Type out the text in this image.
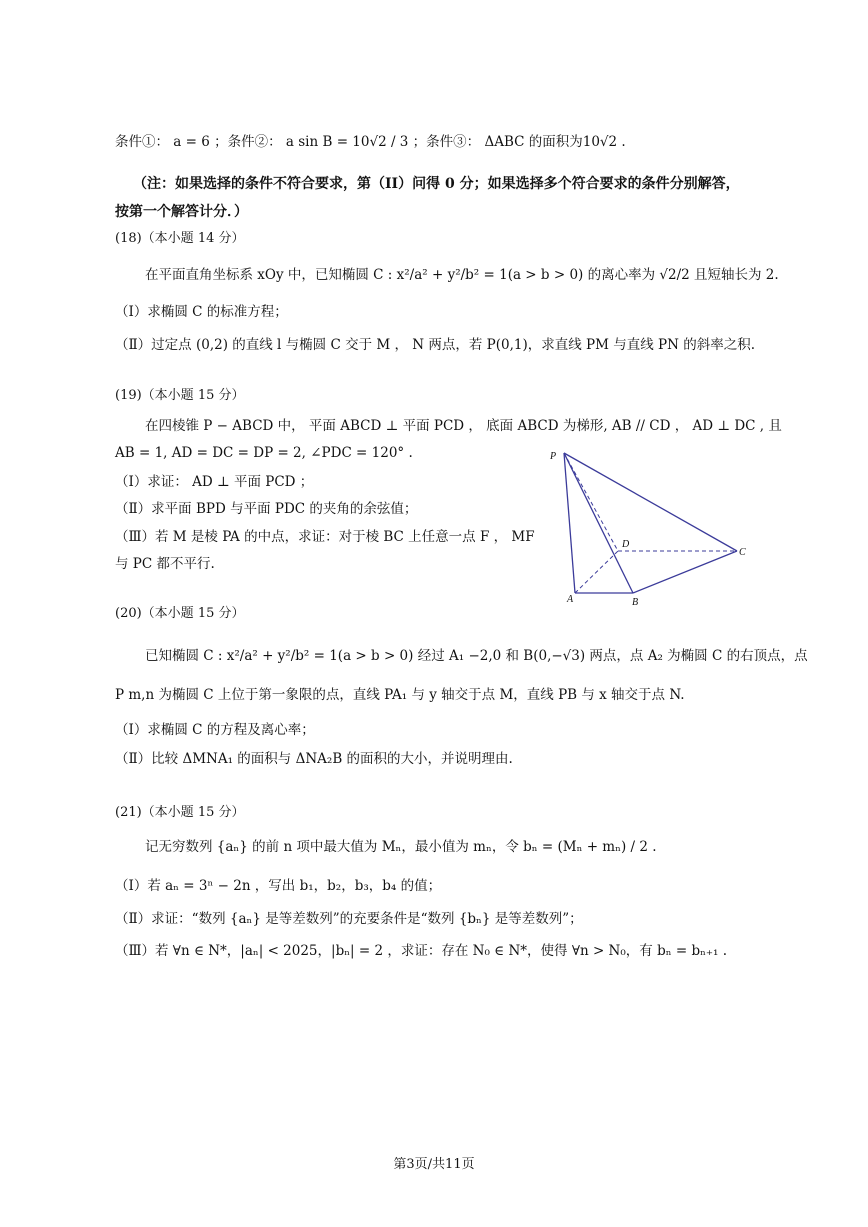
条件①： a = 6 ；条件②： a sin B = 10√2 / 3 ；条件③： ΔABC 的面积为10√2 .
（注：如果选择的条件不符合要求，第（II）问得 0 分；如果选择多个符合要求的条件分别解答，
按第一个解答计分．）
(18)（本小题 14 分）
在平面直角坐标系 xOy 中，已知椭圆 C : x²/a² + y²/b² = 1(a > b > 0) 的离心率为 √2/2 且短轴长为 2.
（Ⅰ）求椭圆 C 的标准方程；
（Ⅱ）过定点 (0,2) 的直线 l 与椭圆 C 交于 M ， N 两点，若 P(0,1)，求直线 PM 与直线 PN 的斜率之积.
(19)（本小题 15 分）
在四棱锥 P − ABCD 中， 平面 ABCD ⊥ 平面 PCD ， 底面 ABCD 为梯形, AB // CD ， AD ⊥ DC , 且
AB = 1, AD = DC = DP = 2, ∠PDC = 120° .
（Ⅰ）求证： AD ⊥ 平面 PCD ；
（Ⅱ）求平面 BPD 与平面 PDC 的夹角的余弦值；
（Ⅲ）若 M 是棱 PA 的中点，求证：对于棱 BC 上任意一点 F ， MF
与 PC 都不平行.
P
D
C
A	B
(20)（本小题 15 分）
已知椭圆 C : x²/a² + y²/b² = 1(a > b > 0) 经过 A₁ −2,0 和 B(0,−√3) 两点，点 A₂ 为椭圆 C 的右顶点，点
P m,n 为椭圆 C 上位于第一象限的点，直线 PA₁ 与 y 轴交于点 M，直线 PB 与 x 轴交于点 N.
（Ⅰ）求椭圆 C 的方程及离心率；
（Ⅱ）比较 ΔMNA₁ 的面积与 ΔNA₂B 的面积的大小，并说明理由.
(21)（本小题 15 分）
记无穷数列 {aₙ} 的前 n 项中最大值为 Mₙ，最小值为 mₙ，令 bₙ = (Mₙ + mₙ) / 2 .
（Ⅰ）若 aₙ = 3ⁿ − 2n ，写出 b₁，b₂，b₃，b₄ 的值；
（Ⅱ）求证：“数列 {aₙ} 是等差数列”的充要条件是“数列 {bₙ} 是等差数列”；
（Ⅲ）若 ∀n ∈ N*，|aₙ| < 2025，|bₙ| = 2 ，求证：存在 N₀ ∈ N*，使得 ∀n > N₀，有 bₙ = bₙ₊₁ .
第3页/共11页
